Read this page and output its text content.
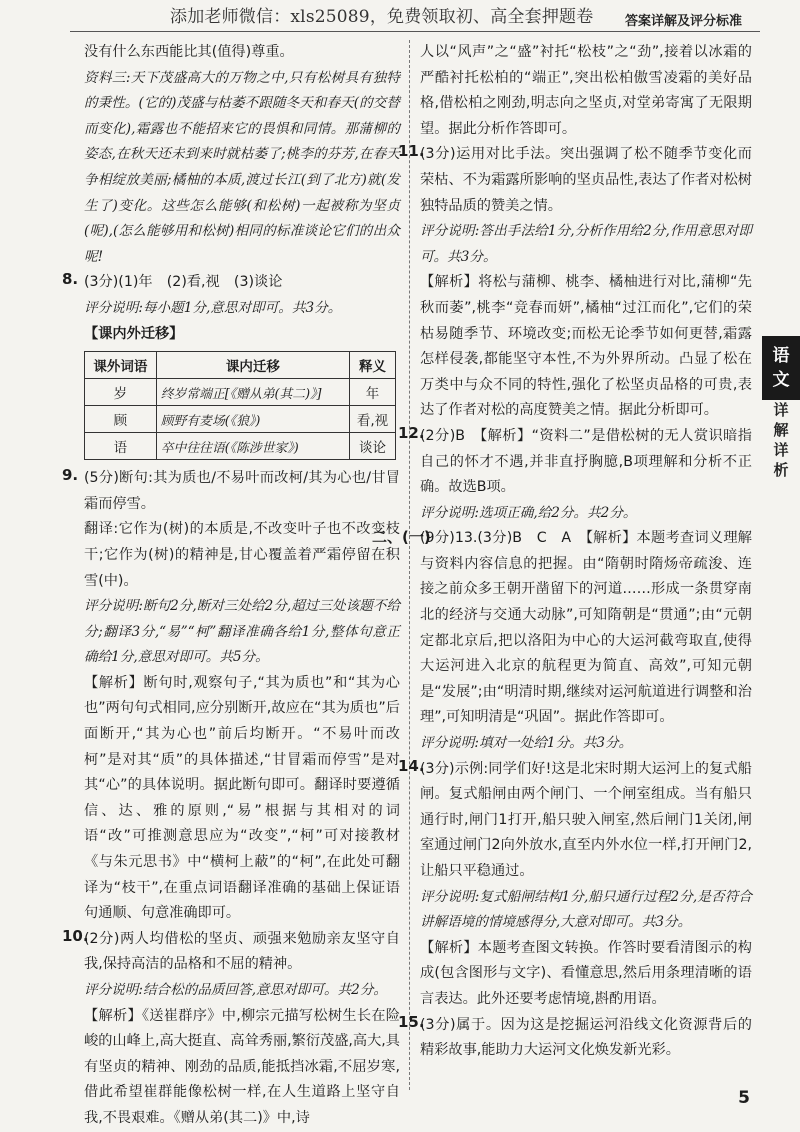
添加老师微信：xls25089，免费领取初、高全套押题卷	答案详解及评分标准

没有什么东西能比其(值得)尊重。

资料三:天下茂盛高大的万物之中,只有松树具有独特的秉性。(它的)茂盛与枯萎不跟随冬天和春天(的交替而变化),霜露也不能招来它的畏惧和同情。那蒲柳的姿态,在秋天还未到来时就枯萎了;桃李的芬芳,在春天争相绽放美丽;橘柚的本质,渡过长江(到了北方)就(发生了)变化。这些怎么能够(和松树)一起被称为坚贞(呢),(怎么能够用和松树)相同的标准谈论它们的出众呢!

8. (3分)(1)年　(2)看,视　(3)谈论

评分说明:每小题1分,意思对即可。共3分。

【课内外迁移】

课外词语	课内迁移	释义
岁	终岁常端正[《赠从弟(其二)》]	年
顾	顾野有麦场(《狼》)	看,视
语	卒中往往语(《陈涉世家》)	谈论
9. (5分)断句:其为质也/不易叶而改柯/其为心也/甘冒霜而停雪。

翻译:它作为(树)的本质是,不改变叶子也不改变枝干;它作为(树)的精神是,甘心覆盖着严霜停留在积雪(中)。

评分说明:断句2分,断对三处给2分,超过三处该题不给分;翻译3分,“易”“柯”翻译准确各给1分,整体句意正确给1分,意思对即可。共5分。

【解析】断句时,观察句子,“其为质也”和“其为心也”两句句式相同,应分别断开,故应在“其为质也”后面断开,“其为心也”前后均断开。“不易叶而改柯”是对其“质”的具体描述,“甘冒霜而停雪”是对其“心”的具体说明。据此断句即可。翻译时要遵循信、达、雅的原则,“易”根据与其相对的词语“改”可推测意思应为“改变”,“柯”可对接教材《与朱元思书》中“横柯上蔽”的“柯”,在此处可翻译为“枝干”,在重点词语翻译准确的基础上保证语句通顺、句意准确即可。

10.

(2分)两人均借松的坚贞、顽强来勉励亲友坚守自我,保持高洁的品格和不屈的精神。

评分说明:结合松的品质回答,意思对即可。共2分。

【解析】《送崔群序》中,柳宗元描写松树生长在险峻的山峰上,高大挺直、高耸秀丽,繁衍茂盛,高大,具有坚贞的精神、刚劲的品质,能抵挡冰霜,不屈岁寒,借此希望崔群能像松树一样,在人生道路上坚守自我,不畏艰难。《赠从弟(其二)》中,诗

人以“风声”之“盛”衬托“松枝”之“劲”,接着以冰霜的严酷衬托松柏的“端正”,突出松柏傲雪凌霜的美好品格,借松柏之刚劲,明志向之坚贞,对堂弟寄寓了无限期望。据此分析作答即可。

11.

(3分)运用对比手法。突出强调了松不随季节变化而荣枯、不为霜露所影响的坚贞品性,表达了作者对松树独特品质的赞美之情。

评分说明:答出手法给1分,分析作用给2分,作用意思对即可。共3分。

【解析】将松与蒲柳、桃李、橘柚进行对比,蒲柳“先秋而萎”,桃李“竞春而妍”,橘柚“过江而化”,它们的荣枯易随季节、环境改变;而松无论季节如何更替,霜露怎样侵袭,都能坚守本性,不为外界所动。凸显了松在万类中与众不同的特性,强化了松坚贞品格的可贵,表达了作者对松的高度赞美之情。据此分析即可。

12.

(2分)B　【解析】“资料二”是借松树的无人赏识暗指自己的怀才不遇,并非直抒胸臆,B项理解和分析不正确。故选B项。

评分说明:选项正确,给2分。共2分。

二、(一)

(9分)13.(3分)B　C　A　【解析】本题考查词义理解与资料内容信息的把握。由“隋朝时隋炀帝疏浚、连接之前众多王朝开凿留下的河道……形成一条贯穿南北的经济与交通大动脉”,可知隋朝是“贯通”;由“元朝定都北京后,把以洛阳为中心的大运河截弯取直,使得大运河进入北京的航程更为简直、高效”,可知元朝是“发展”;由“明清时期,继续对运河航道进行调整和治理”,可知明清是“巩固”。据此作答即可。

评分说明:填对一处给1分。共3分。

14.

(3分)示例:同学们好!这是北宋时期大运河上的复式船闸。复式船闸由两个闸门、一个闸室组成。当有船只通行时,闸门1打开,船只驶入闸室,然后闸门1关闭,闸室通过闸门2向外放水,直至内外水位一样,打开闸门2,让船只平稳通过。

评分说明:复式船闸结构1分,船只通行过程2分,是否符合讲解语境的情境感得分,大意对即可。共3分。

【解析】本题考查图文转换。作答时要看清图示的构成(包含图形与文字)、看懂意思,然后用条理清晰的语言表达。此外还要考虑情境,斟酌用语。

15.

(3分)属于。因为这是挖掘运河沿线文化资源背后的精彩故事,能助力大运河文化焕发新光彩。

语
文
详
解
详
析
5
